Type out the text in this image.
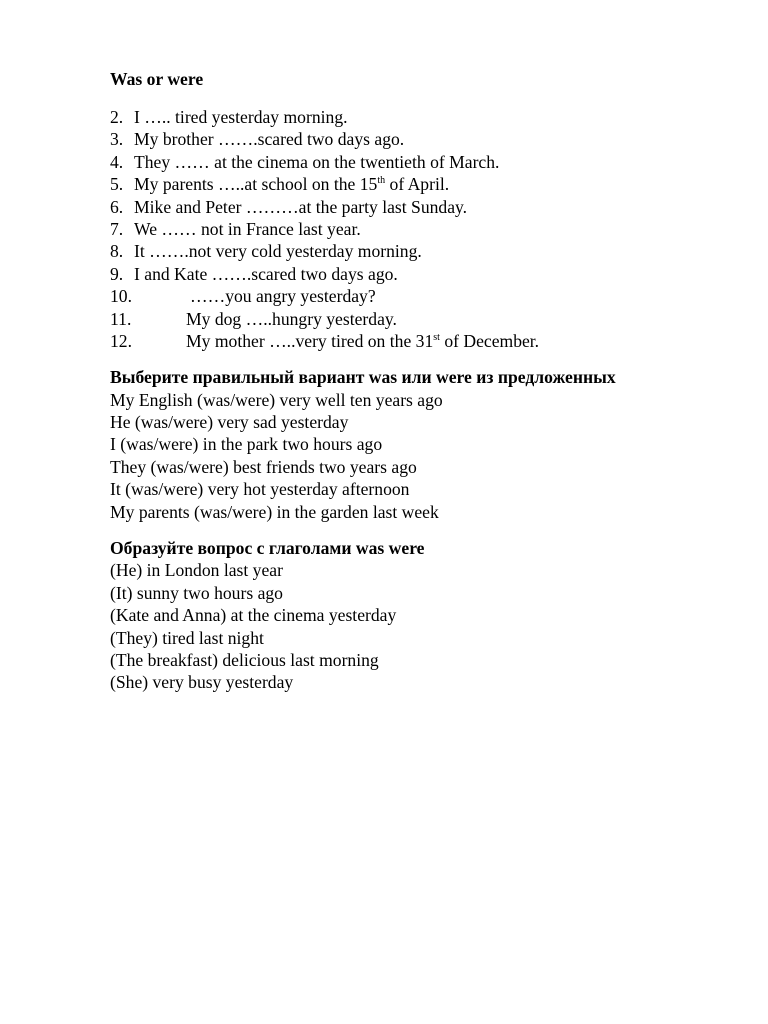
Was or were
2. I ….. tired yesterday morning.
3. My brother …….scared two days ago.
4. They …… at the cinema on the twentieth of March.
5. My parents …..at school on the 15th of April.
6. Mike and Peter ………at the party last Sunday.
7. We …… not in France last year.
8. It …….not very cold yesterday morning.
9. I and Kate …….scared two days ago.
10.	……you angry yesterday?
11.	My dog …..hungry yesterday.
12.	My mother …..very tired on the 31st of December.
Выберите правильный вариант was или were из предложенных
My English (was/were) very well ten years ago
He (was/were) very sad yesterday
I (was/were) in the park two hours ago
They (was/were) best friends two years ago
It (was/were) very hot yesterday afternoon
My parents (was/were) in the garden last week
Образуйте вопрос с глаголами was were
(He) in London last year
(It) sunny two hours ago
(Kate and Anna) at the cinema yesterday
(They) tired last night
(The breakfast) delicious last morning
(She) very busy yesterday
